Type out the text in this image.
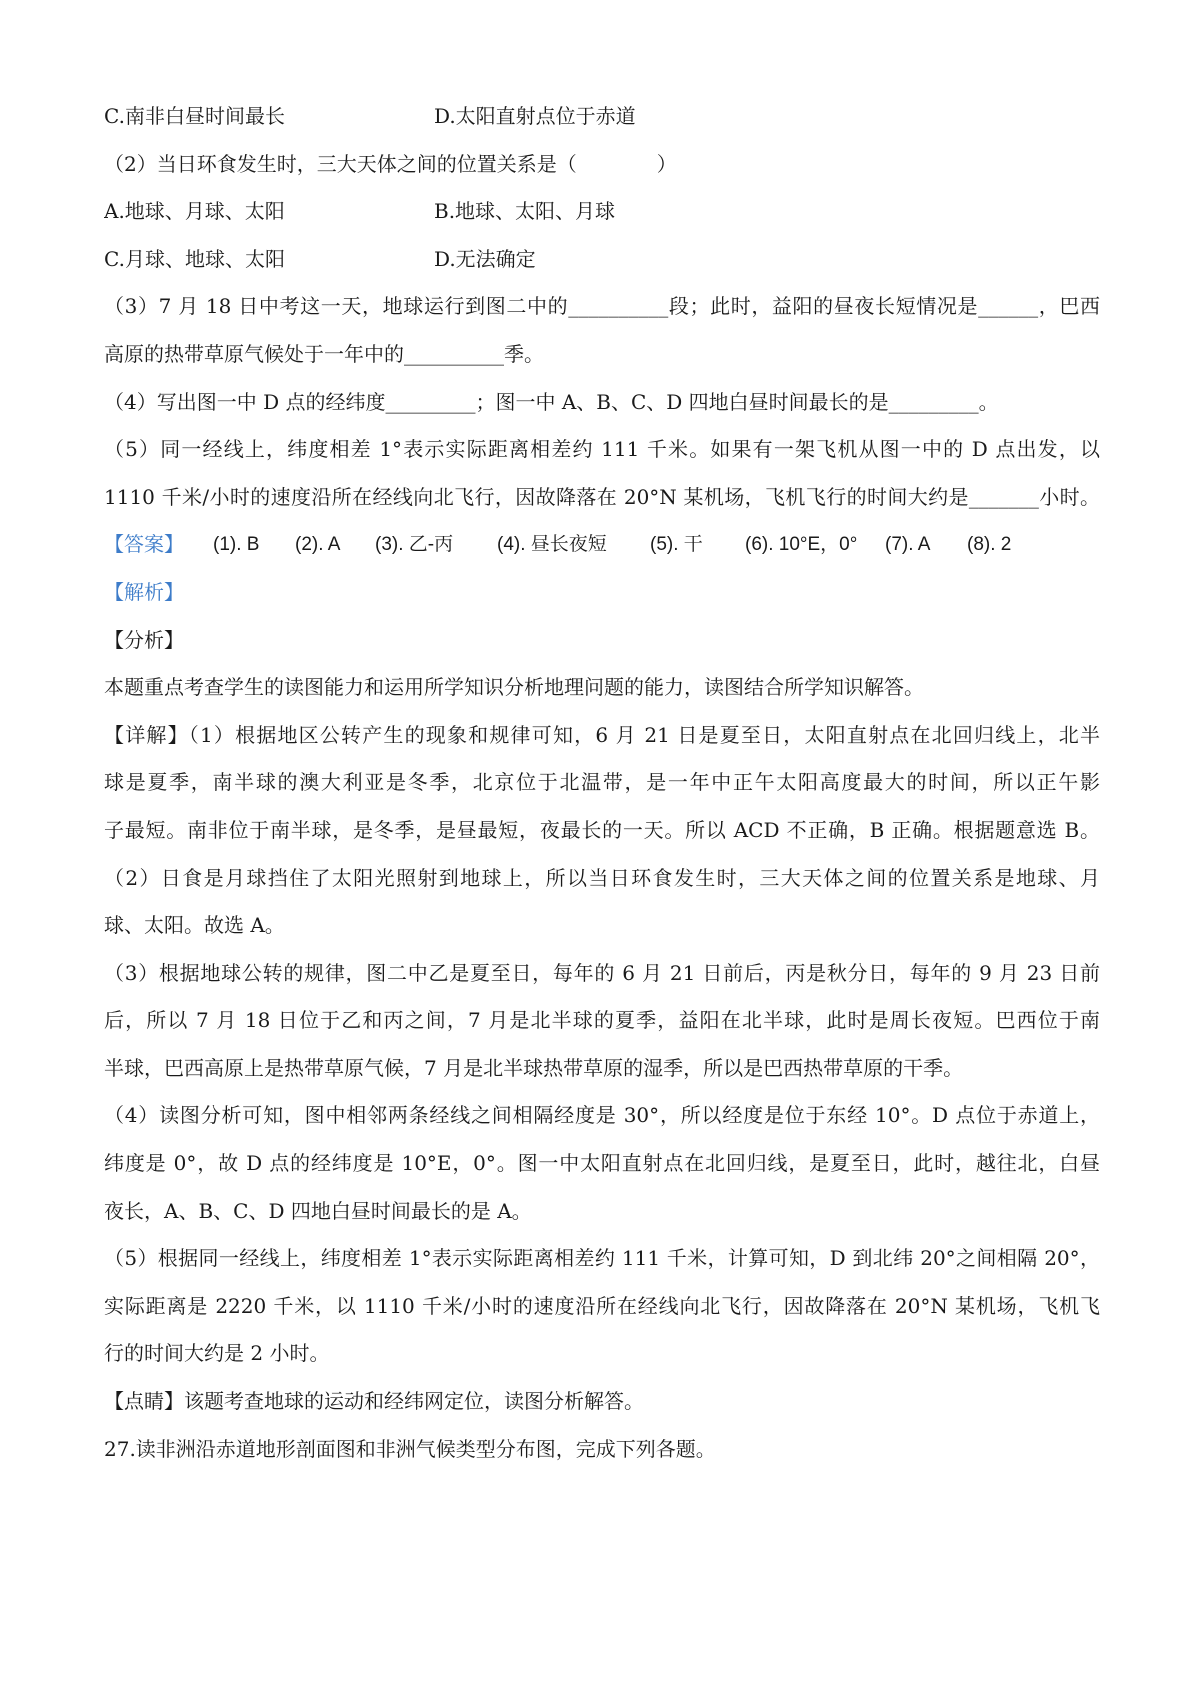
C.南非白昼时间最长	D.太阳直射点位于赤道
（2）当日环食发生时，三大天体之间的位置关系是（　　　　）
A.地球、月球、太阳	B.地球、太阳、月球
C.月球、地球、太阳	D.无法确定
（3）7 月 18 日中考这一天，地球运行到图二中的__________段；此时，益阳的昼夜长短情况是______，巴西
高原的热带草原气候处于一年中的__________季。
（4）写出图一中 D 点的经纬度_________；图一中 A、B、C、D 四地白昼时间最长的是_________。
（5）同一经线上，纬度相差 1°表示实际距离相差约 111 千米。如果有一架飞机从图一中的 D 点出发，以
1110 千米/小时的速度沿所在经线向北飞行，因故降落在 20°N 某机场，飞机飞行的时间大约是_______小时。
【答案】 (1). B (2). A (3). 乙-丙 (4). 昼长夜短 (5). 干 (6). 10°E，0° (7). A (8). 2
【解析】
【分析】
本题重点考查学生的读图能力和运用所学知识分析地理问题的能力，读图结合所学知识解答。
【详解】（1）根据地区公转产生的现象和规律可知，6 月 21 日是夏至日，太阳直射点在北回归线上，北半
球是夏季，南半球的澳大利亚是冬季，北京位于北温带，是一年中正午太阳高度最大的时间，所以正午影
子最短。南非位于南半球，是冬季，是昼最短，夜最长的一天。所以 ACD 不正确，B 正确。根据题意选 B。
（2）日食是月球挡住了太阳光照射到地球上，所以当日环食发生时，三大天体之间的位置关系是地球、月
球、太阳。故选 A。
（3）根据地球公转的规律，图二中乙是夏至日，每年的 6 月 21 日前后，丙是秋分日，每年的 9 月 23 日前
后，所以 7 月 18 日位于乙和丙之间，7 月是北半球的夏季，益阳在北半球，此时是周长夜短。巴西位于南
半球，巴西高原上是热带草原气候，7 月是北半球热带草原的湿季，所以是巴西热带草原的干季。
（4）读图分析可知，图中相邻两条经线之间相隔经度是 30°，所以经度是位于东经 10°。D 点位于赤道上，
纬度是 0°，故 D 点的经纬度是 10°E，0°。图一中太阳直射点在北回归线，是夏至日，此时，越往北，白昼
夜长，A、B、C、D 四地白昼时间最长的是 A。
（5）根据同一经线上，纬度相差 1°表示实际距离相差约 111 千米，计算可知，D 到北纬 20°之间相隔 20°，
实际距离是 2220 千米，以 1110 千米/小时的速度沿所在经线向北飞行，因故降落在 20°N 某机场，飞机飞
行的时间大约是 2 小时。
【点睛】该题考查地球的运动和经纬网定位，读图分析解答。
27.读非洲沿赤道地形剖面图和非洲气候类型分布图，完成下列各题。
